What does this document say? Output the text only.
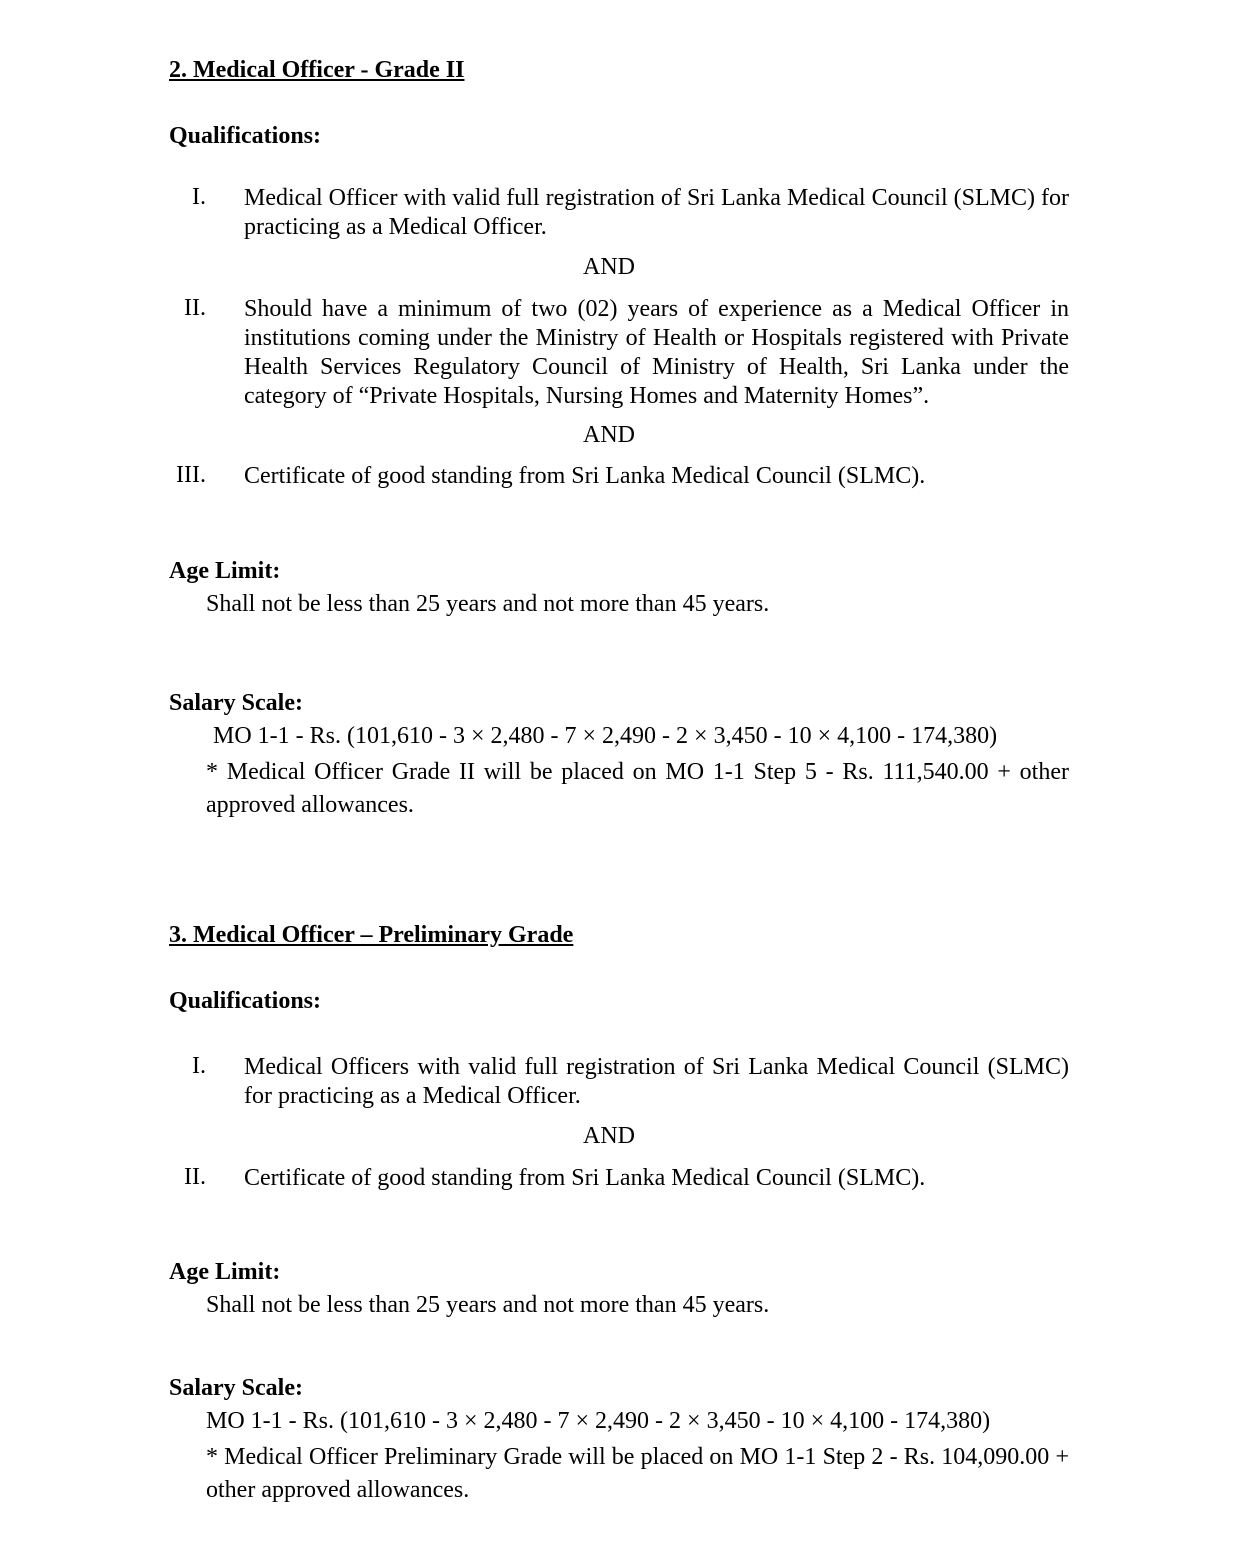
2. Medical Officer - Grade II
Qualifications:
I. Medical Officer with valid full registration of Sri Lanka Medical Council (SLMC) for practicing as a Medical Officer.
AND
II. Should have a minimum of two (02) years of experience as a Medical Officer in institutions coming under the Ministry of Health or Hospitals registered with Private Health Services Regulatory Council of Ministry of Health, Sri Lanka under the category of “Private Hospitals, Nursing Homes and Maternity Homes”.
AND
III. Certificate of good standing from Sri Lanka Medical Council (SLMC).
Age Limit:
Shall not be less than 25 years and not more than 45 years.
Salary Scale:
MO 1-1 - Rs. (101,610 - 3 × 2,480 - 7 × 2,490 - 2 × 3,450 - 10 × 4,100 - 174,380)
* Medical Officer Grade II will be placed on MO 1-1 Step 5 - Rs. 111,540.00 + other approved allowances.
3. Medical Officer – Preliminary Grade
Qualifications:
I. Medical Officers with valid full registration of Sri Lanka Medical Council (SLMC) for practicing as a Medical Officer.
AND
II. Certificate of good standing from Sri Lanka Medical Council (SLMC).
Age Limit:
Shall not be less than 25 years and not more than 45 years.
Salary Scale:
MO 1-1 - Rs. (101,610 - 3 × 2,480 - 7 × 2,490 - 2 × 3,450 - 10 × 4,100 - 174,380)
* Medical Officer Preliminary Grade will be placed on MO 1-1 Step 2 - Rs. 104,090.00 + other approved allowances.
